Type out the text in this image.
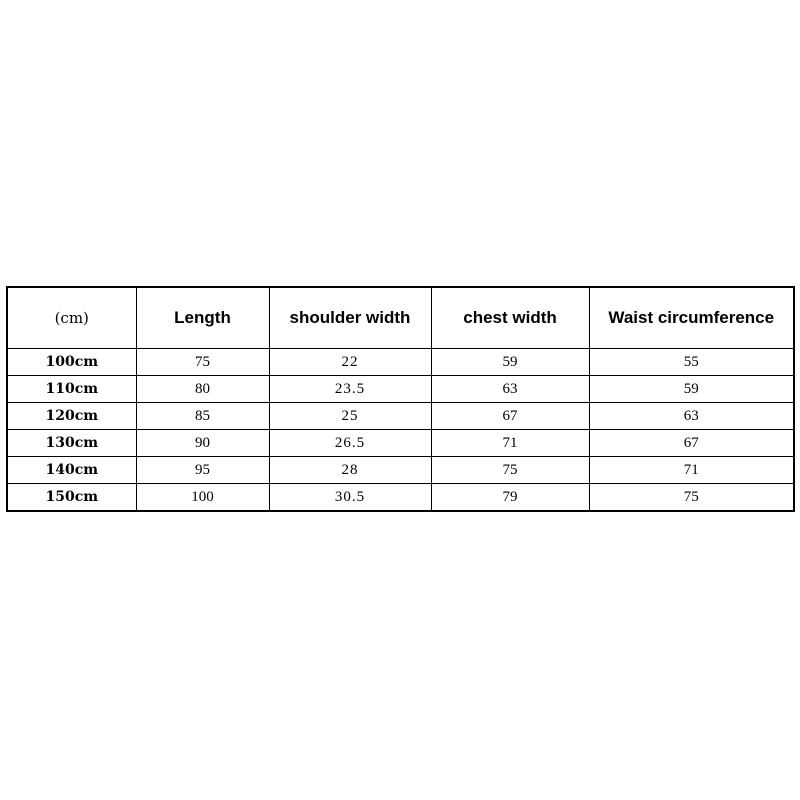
(cm)	Length	shoulder width	chest width	Waist circumference
100cm	75	22	59	55
110cm	80	23.5	63	59
120cm	85	25	67	63
130cm	90	26.5	71	67
140cm	95	28	75	71
150cm	100	30.5	79	75
